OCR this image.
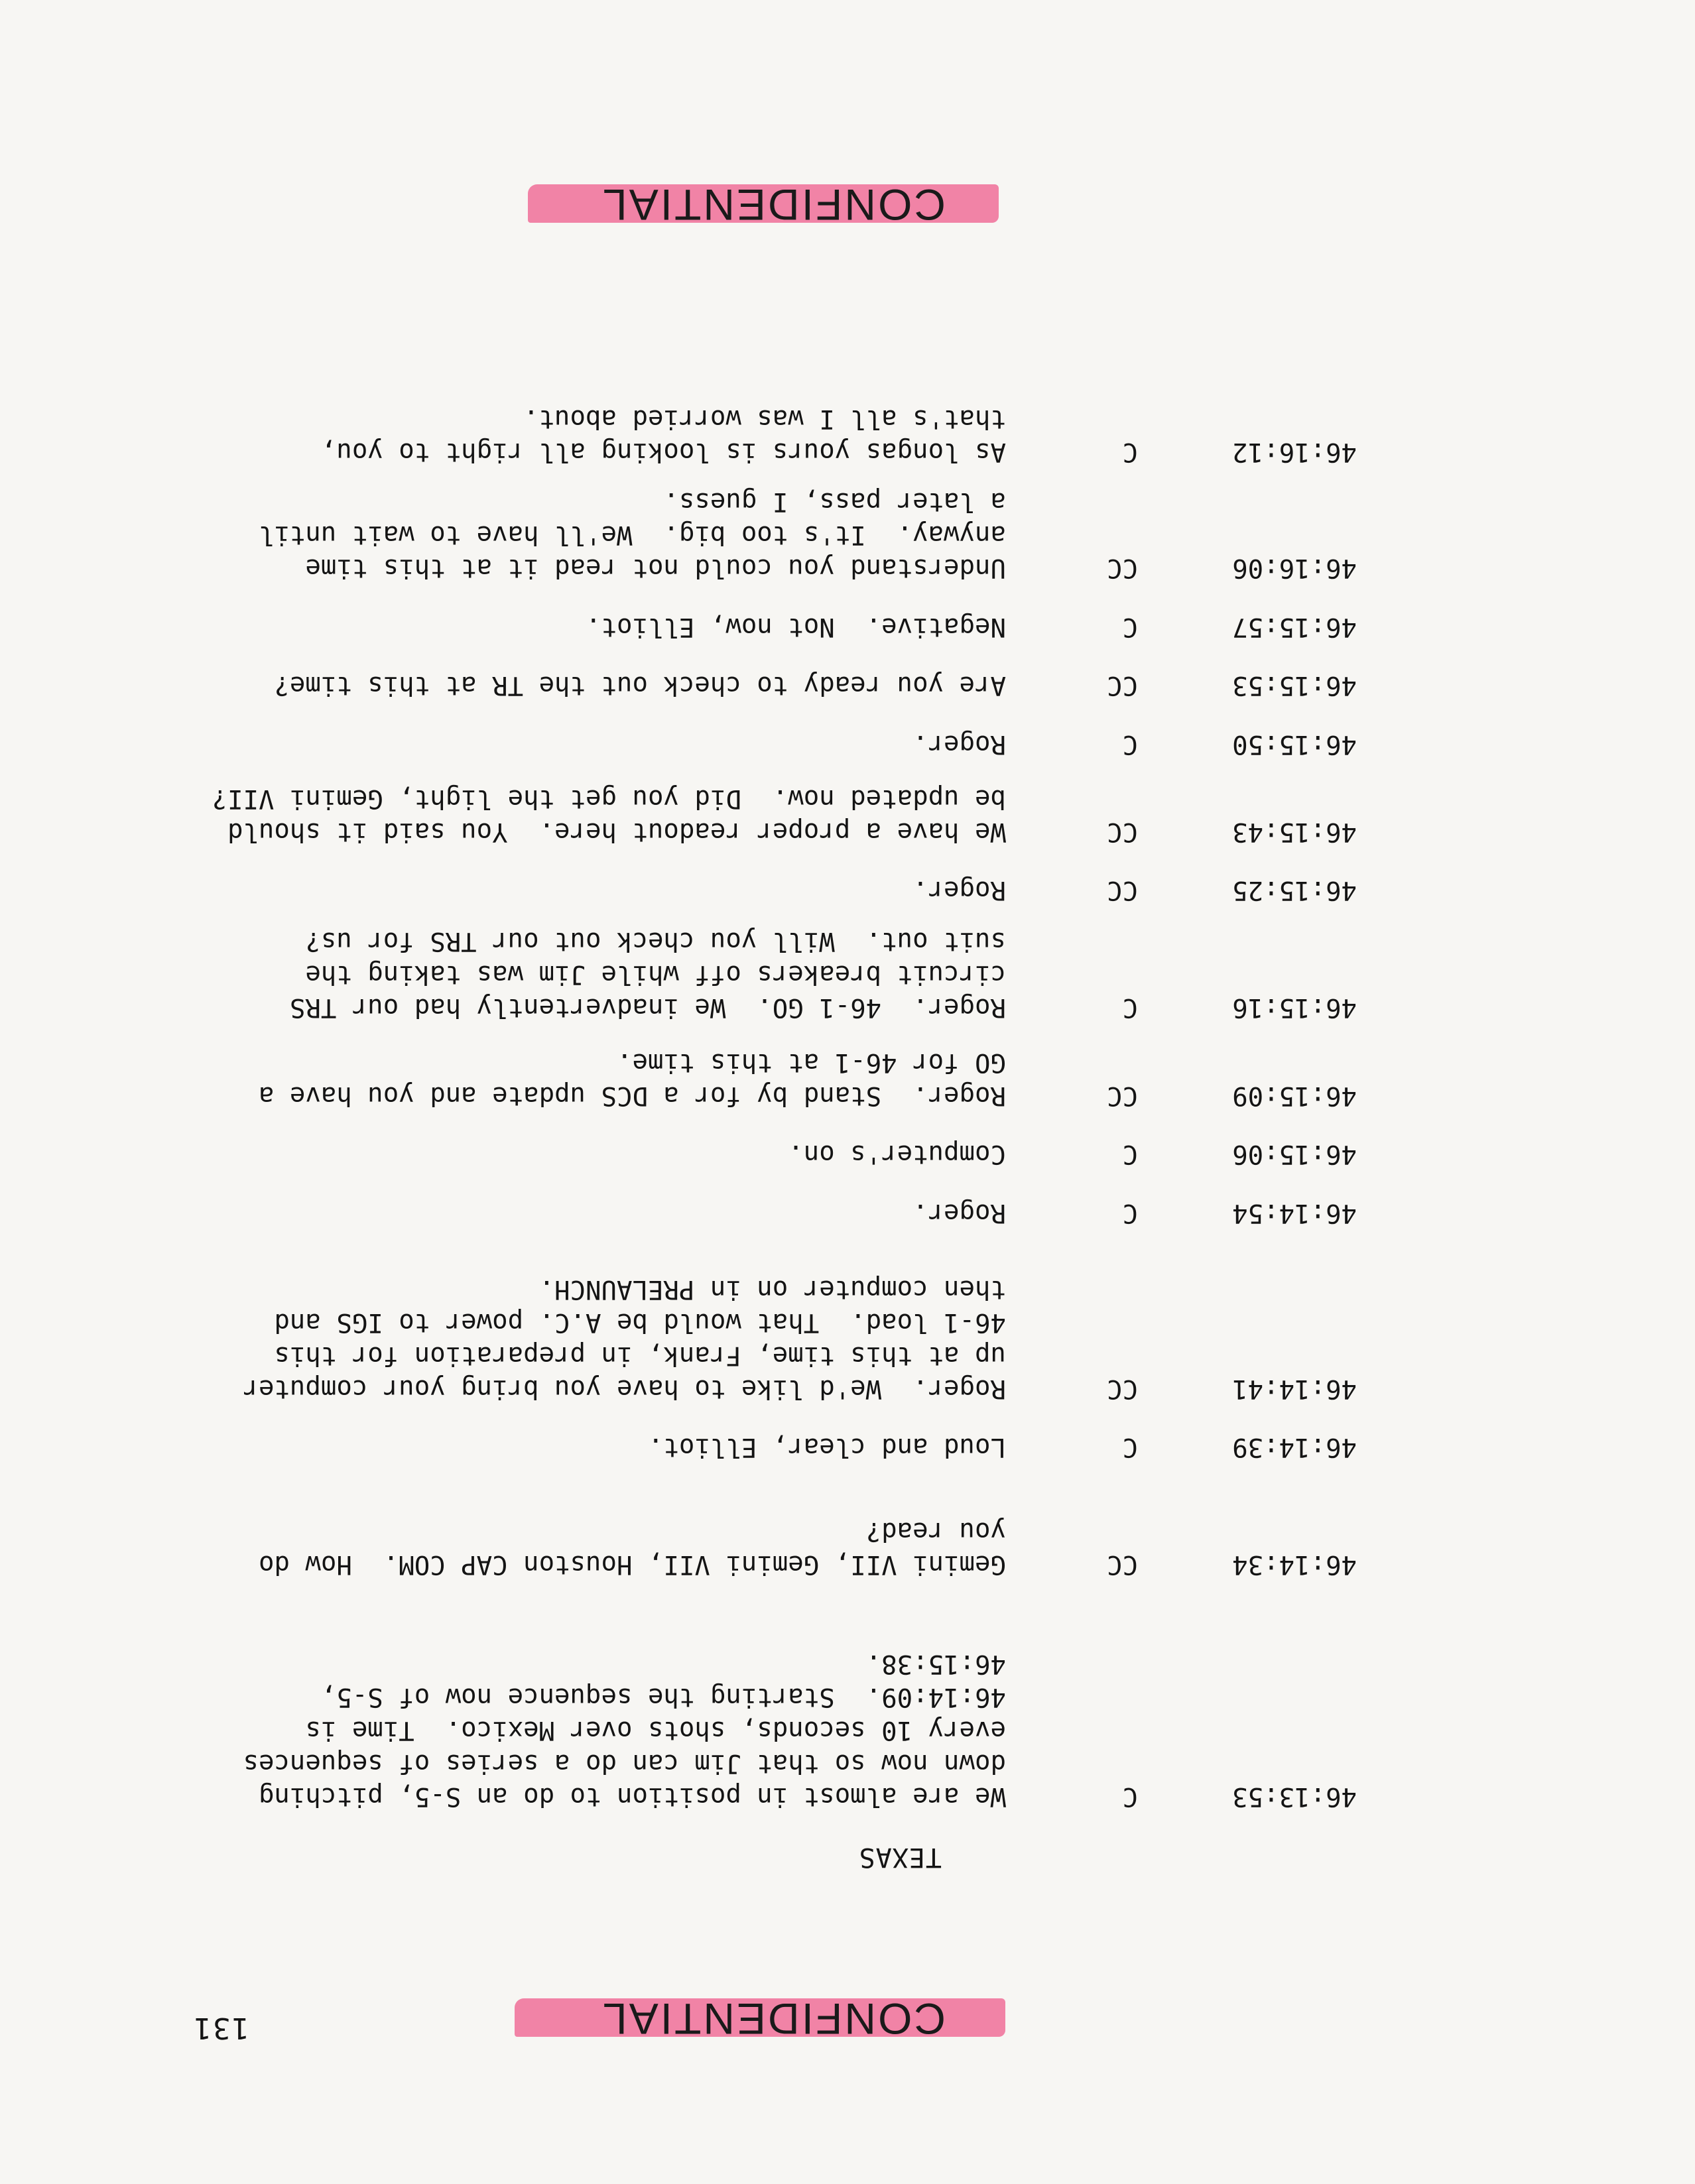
131	CONFIDENTIAL
TEXAS
46:13:53
C
We are almost in position to do an S-5, pitching
down now so that Jim can do a series of sequences
every 10 seconds, shots over Mexico.  Time is
46:14:09.  Starting the sequence now of S-5,
46:15:38.
46:14:34
CC
Gemini VII, Gemini VII, Houston CAP COM.  How do
you read?
46:14:39
C
Loud and clear, Elliot.
46:14:41
CC
Roger.  We'd like to have you bring your computer
up at this time, Frank, in preparation for this
46-1 load.  That would be A.C. power to IGS and
then computer on in PRELAUNCH.
46:14:54
C
Roger.
46:15:06
C
Computer's on.
46:15:09
CC
Roger.  Stand by for a DCS update and you have a
GO for 46-1 at this time.
46:15:16
C
Roger.  46-1 GO.  We inadvertently had our TRS
circuit breakers off while Jim was taking the
suit out.  Will you check out our TRS for us?
46:15:25
CC
Roger.
46:15:43
CC
We have a proper readout here.  You said it should
be updated now.  Did you get the light, Gemini VII?
46:15:50
C
Roger.
46:15:53
CC
Are you ready to check out the TR at this time?
46:15:57
C
Negative.  Not now, Elliot.
46:16:06
CC
Understand you could not read it at this time
anyway.  It's too big.  We'll have to wait until
a later pass, I guess.
46:16:12
C
As longas yours is looking all right to you,
that's all I was worried about.
CONFIDENTIAL
